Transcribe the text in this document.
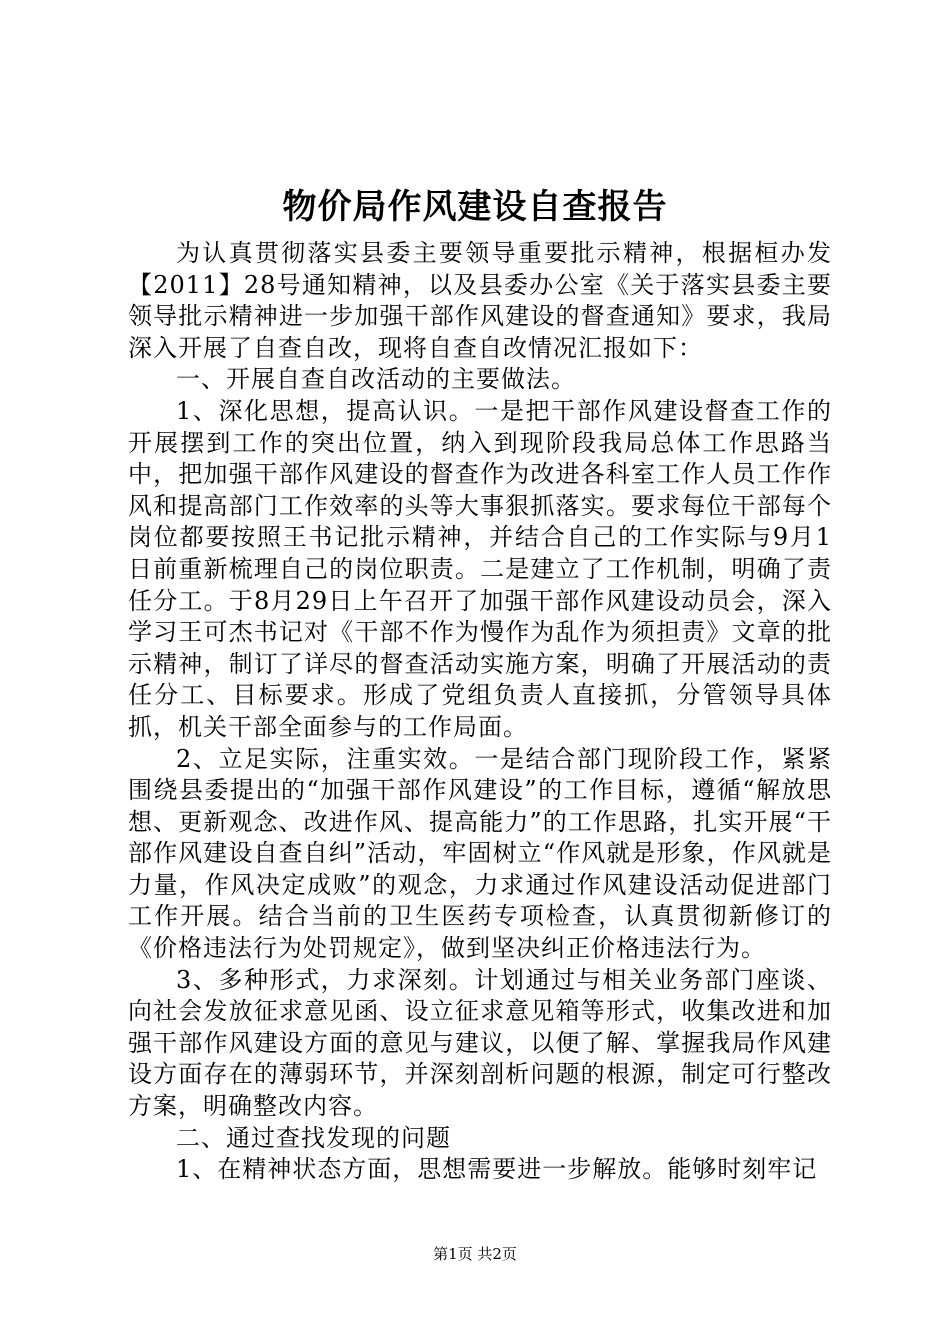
物价局作风建设自查报告

为认真贯彻落实县委主要领导重要批示精神，根据桓办发【2011】28号通知精神，以及县委办公室《关于落实县委主要领导批示精神进一步加强干部作风建设的督查通知》要求，我局深入开展了自查自改，现将自查自改情况汇报如下：

一、开展自查自改活动的主要做法。

1、深化思想，提高认识。一是把干部作风建设督查工作的开展摆到工作的突出位置，纳入到现阶段我局总体工作思路当中，把加强干部作风建设的督查作为改进各科室工作人员工作作风和提高部门工作效率的头等大事狠抓落实。要求每位干部每个岗位都要按照王书记批示精神，并结合自己的工作实际与9月1日前重新梳理自己的岗位职责。二是建立了工作机制，明确了责任分工。于8月29日上午召开了加强干部作风建设动员会，深入学习王可杰书记对《干部不作为慢作为乱作为须担责》文章的批示精神，制订了详尽的督查活动实施方案，明确了开展活动的责任分工、目标要求。形成了党组负责人直接抓，分管领导具体抓，机关干部全面参与的工作局面。

2、立足实际，注重实效。一是结合部门现阶段工作，紧紧围绕县委提出的“加强干部作风建设”的工作目标，遵循“解放思想、更新观念、改进作风、提高能力”的工作思路，扎实开展“干部作风建设自查自纠”活动，牢固树立“作风就是形象，作风就是力量，作风决定成败”的观念，力求通过作风建设活动促进部门工作开展。结合当前的卫生医药专项检查，认真贯彻新修订的《价格违法行为处罚规定》，做到坚决纠正价格违法行为。

3、多种形式，力求深刻。计划通过与相关业务部门座谈、向社会发放征求意见函、设立征求意见箱等形式，收集改进和加强干部作风建设方面的意见与建议，以便了解、掌握我局作风建设方面存在的薄弱环节，并深刻剖析问题的根源，制定可行整改方案，明确整改内容。

二、通过查找发现的问题

1、在精神状态方面，思想需要进一步解放。能够时刻牢记

第1页 共2页
